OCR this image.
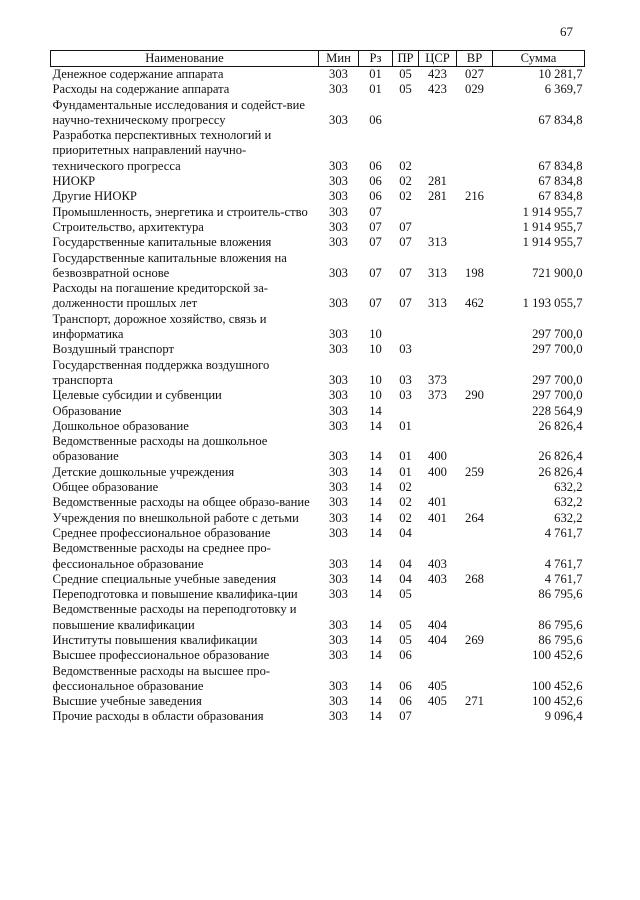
67
Наименование	Мин	Рз	ПР	ЦСР	ВР	Сумма
Денежное содержание аппарата	303	01	05	423	027	10 281,7
Расходы на содержание аппарата	303	01	05	423	029	6 369,7
Фундаментальные исследования и содейст-вие научно-техническому прогрессу	303	06				67 834,8
Разработка перспективных технологий и приоритетных направлений научно-технического прогресса	303	06	02			67 834,8
НИОКР	303	06	02	281		67 834,8
Другие НИОКР	303	06	02	281	216	67 834,8
Промышленность, энергетика и строитель-ство	303	07				1 914 955,7
Строительство, архитектура	303	07	07			1 914 955,7
Государственные капитальные вложения	303	07	07	313		1 914 955,7
Государственные капитальные вложения на безвозвратной основе	303	07	07	313	198	721 900,0
Расходы на погашение кредиторской за-долженности прошлых лет	303	07	07	313	462	1 193 055,7
Транспорт, дорожное хозяйство, связь и информатика	303	10				297 700,0
Воздушный транспорт	303	10	03			297 700,0
Государственная поддержка воздушного транспорта	303	10	03	373		297 700,0
Целевые субсидии и субвенции	303	10	03	373	290	297 700,0
Образование	303	14				228 564,9
Дошкольное образование	303	14	01			26 826,4
Ведомственные расходы на дошкольное образование	303	14	01	400		26 826,4
Детские дошкольные учреждения	303	14	01	400	259	26 826,4
Общее образование	303	14	02			632,2
Ведомственные расходы на общее образо-вание	303	14	02	401		632,2
Учреждения по внешкольной работе с детьми	303	14	02	401	264	632,2
Среднее профессиональное образование	303	14	04			4 761,7
Ведомственные расходы на среднее про-фессиональное образование	303	14	04	403		4 761,7
Средние специальные учебные заведения	303	14	04	403	268	4 761,7
Переподготовка и повышение квалифика-ции	303	14	05			86 795,6
Ведомственные расходы на переподготовку и повышение квалификации	303	14	05	404		86 795,6
Институты повышения квалификации	303	14	05	404	269	86 795,6
Высшее профессиональное образование	303	14	06			100 452,6
Ведомственные расходы на высшее про-фессиональное образование	303	14	06	405		100 452,6
Высшие учебные заведения	303	14	06	405	271	100 452,6
Прочие расходы в области образования	303	14	07			9 096,4
